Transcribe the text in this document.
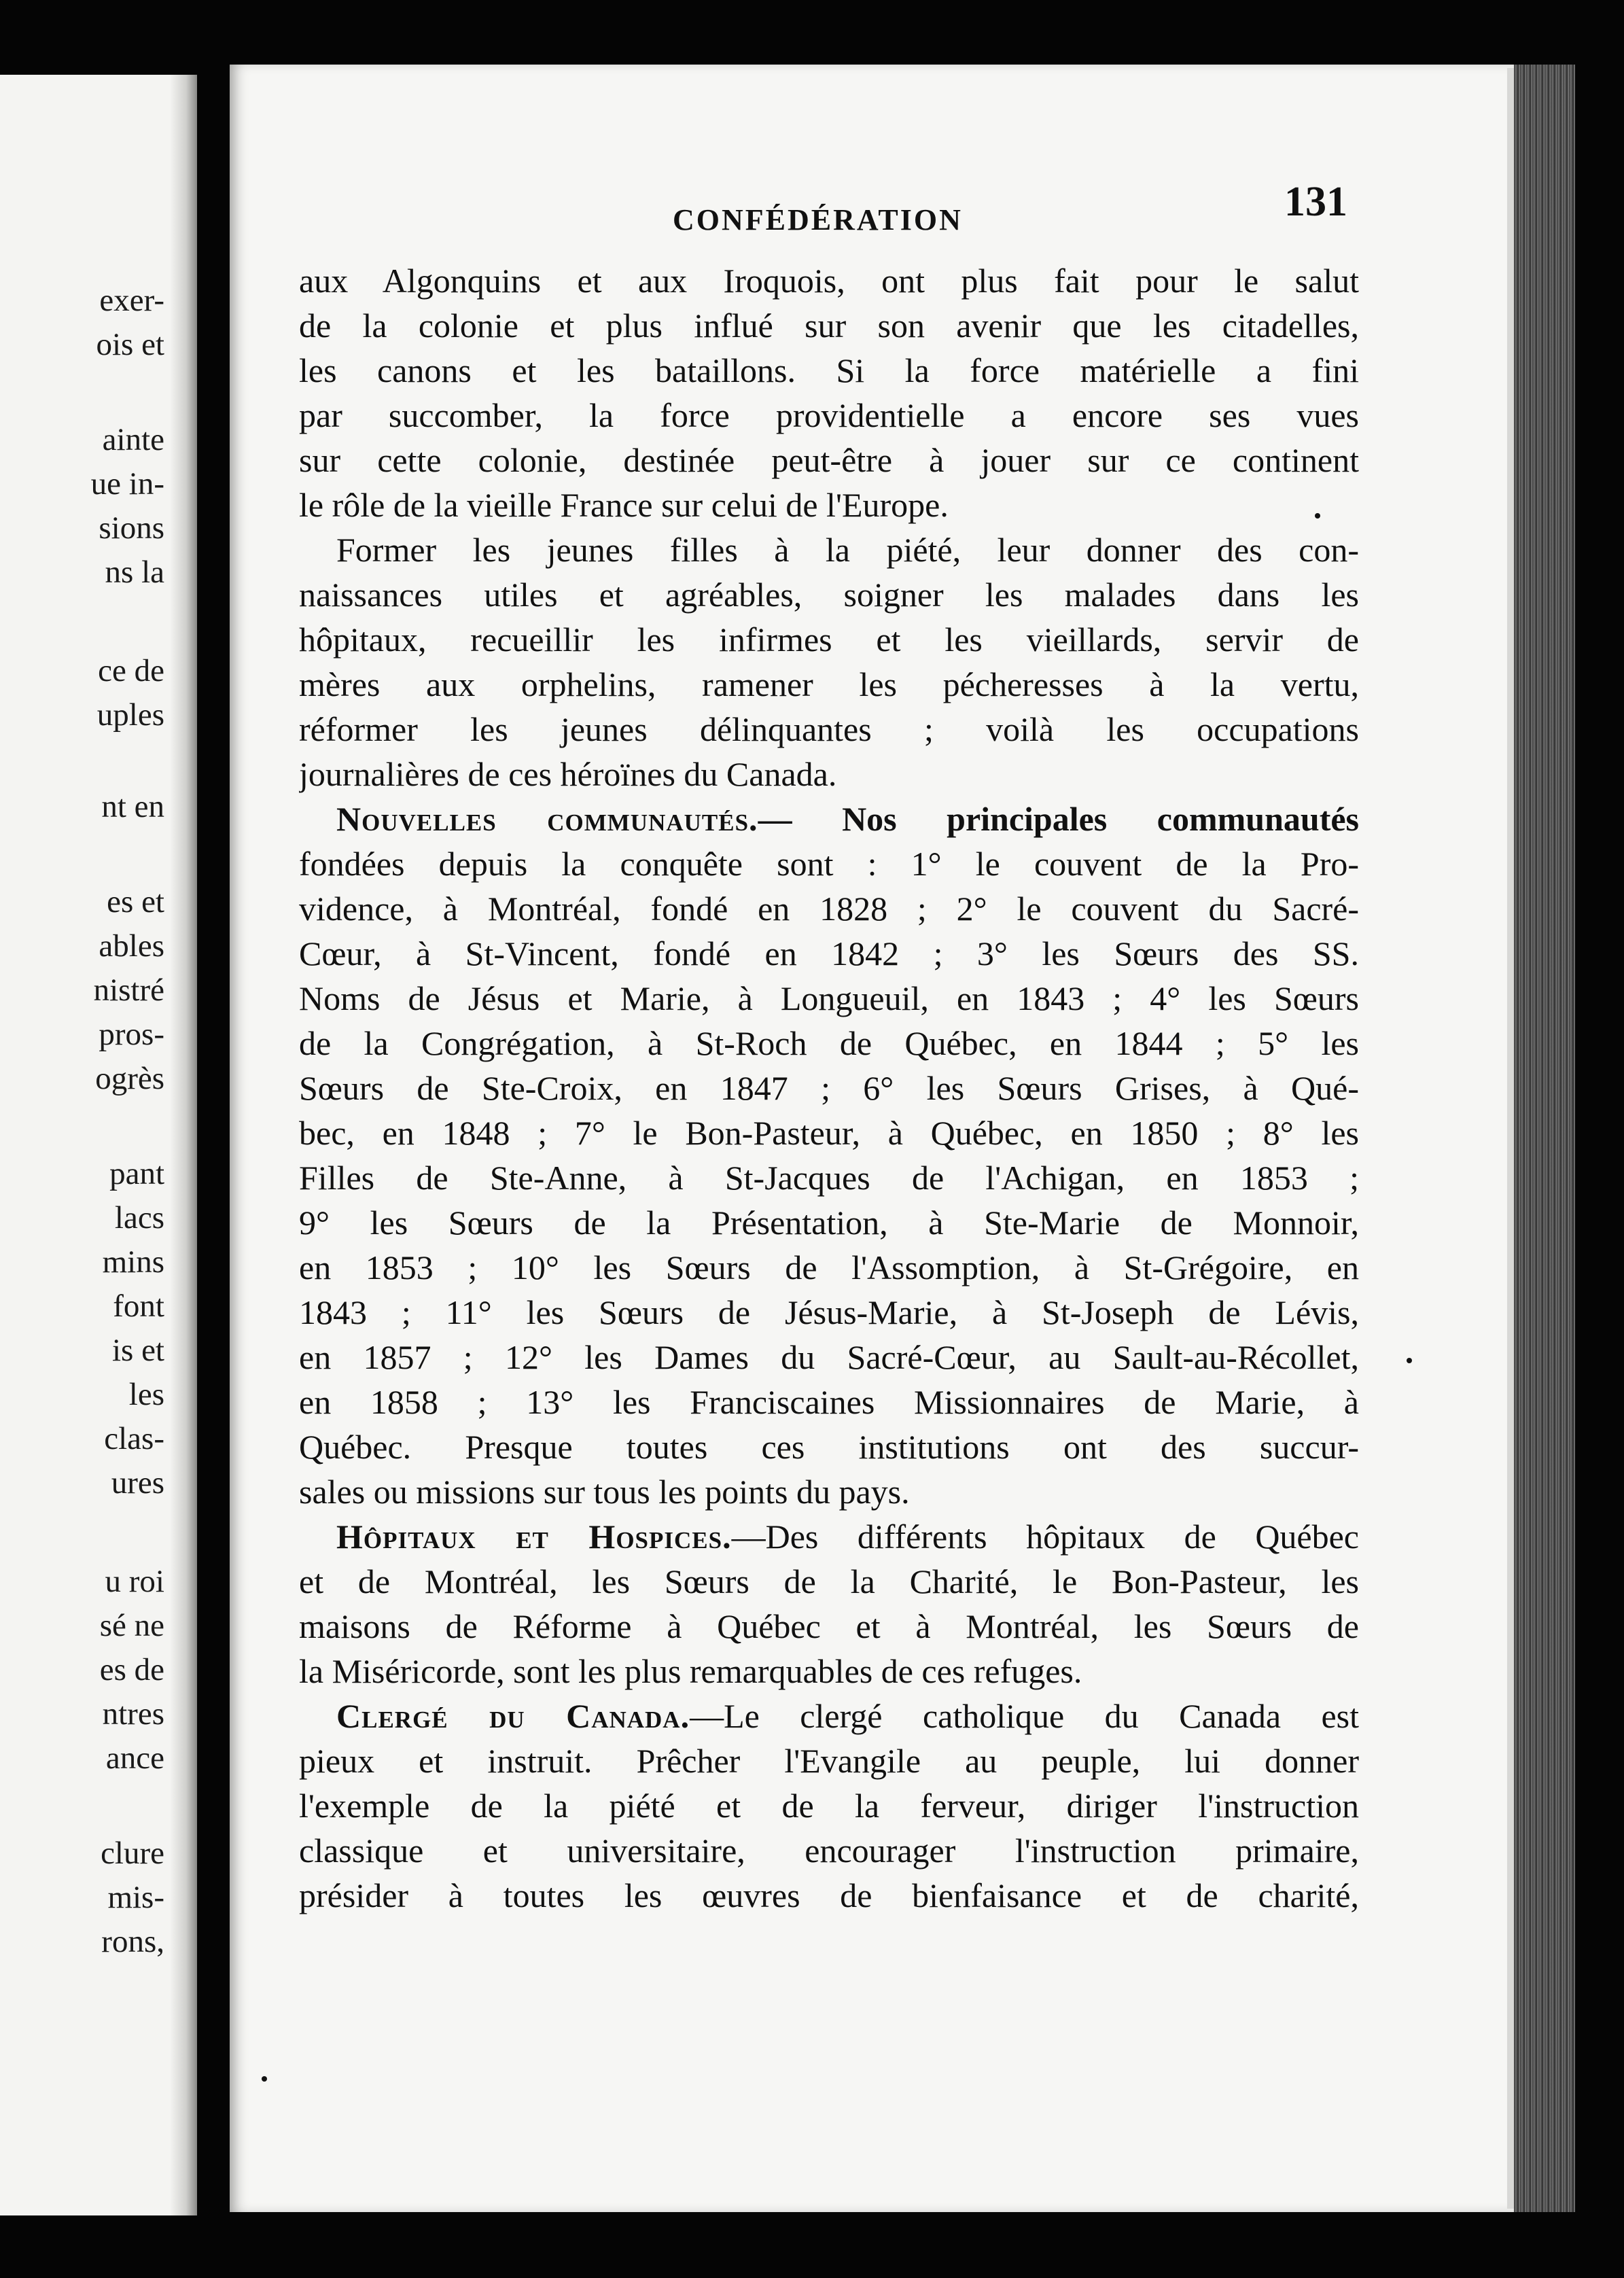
exer-
ois et
ainte
ue in-
sions
ns la
ce de
uples
nt en
es et
ables
nistré
pros-
ogrès
pant
lacs
mins
font
is et
les
clas-
ures
u roi
sé ne
es de
ntres
ance
clure
mis-
rons,
CONFÉDÉRATION	131
aux Algonquins et aux Iroquois, ont plus fait pour le salut
de la colonie et plus influé sur son avenir que les citadelles,
les canons et les bataillons. Si la force matérielle a fini
par succomber, la force providentielle a encore ses vues
sur cette colonie, destinée peut-être à jouer sur ce continent
le rôle de la vieille France sur celui de l'Europe.
Former les jeunes filles à la piété, leur donner des con-
naissances utiles et agréables, soigner les malades dans les
hôpitaux, recueillir les infirmes et les vieillards, servir de
mères aux orphelins, ramener les pécheresses à la vertu,
réformer les jeunes délinquantes ; voilà les occupations
journalières de ces héroïnes du Canada.
Nouvelles communautés.— Nos principales communautés
fondées depuis la conquête sont : 1° le couvent de la Pro-
vidence, à Montréal, fondé en 1828 ; 2° le couvent du Sacré-
Cœur, à St-Vincent, fondé en 1842 ; 3° les Sœurs des SS.
Noms de Jésus et Marie, à Longueuil, en 1843 ; 4° les Sœurs
de la Congrégation, à St-Roch de Québec, en 1844 ; 5° les
Sœurs de Ste-Croix, en 1847 ; 6° les Sœurs Grises, à Qué-
bec, en 1848 ; 7° le Bon-Pasteur, à Québec, en 1850 ; 8° les
Filles de Ste-Anne, à St-Jacques de l'Achigan, en 1853 ;
9° les Sœurs de la Présentation, à Ste-Marie de Monnoir,
en 1853 ; 10° les Sœurs de l'Assomption, à St-Grégoire, en
1843 ; 11° les Sœurs de Jésus-Marie, à St-Joseph de Lévis,
en 1857 ; 12° les Dames du Sacré-Cœur, au Sault-au-Récollet,
en 1858 ; 13° les Franciscaines Missionnaires de Marie, à
Québec. Presque toutes ces institutions ont des succur-
sales ou missions sur tous les points du pays.
Hôpitaux et Hospices.—Des différents hôpitaux de Québec
et de Montréal, les Sœurs de la Charité, le Bon-Pasteur, les
maisons de Réforme à Québec et à Montréal, les Sœurs de
la Miséricorde, sont les plus remarquables de ces refuges.
Clergé du Canada.—Le clergé catholique du Canada est
pieux et instruit. Prêcher l'Evangile au peuple, lui donner
l'exemple de la piété et de la ferveur, diriger l'instruction
classique et universitaire, encourager l'instruction primaire,
présider à toutes les œuvres de bienfaisance et de charité,
